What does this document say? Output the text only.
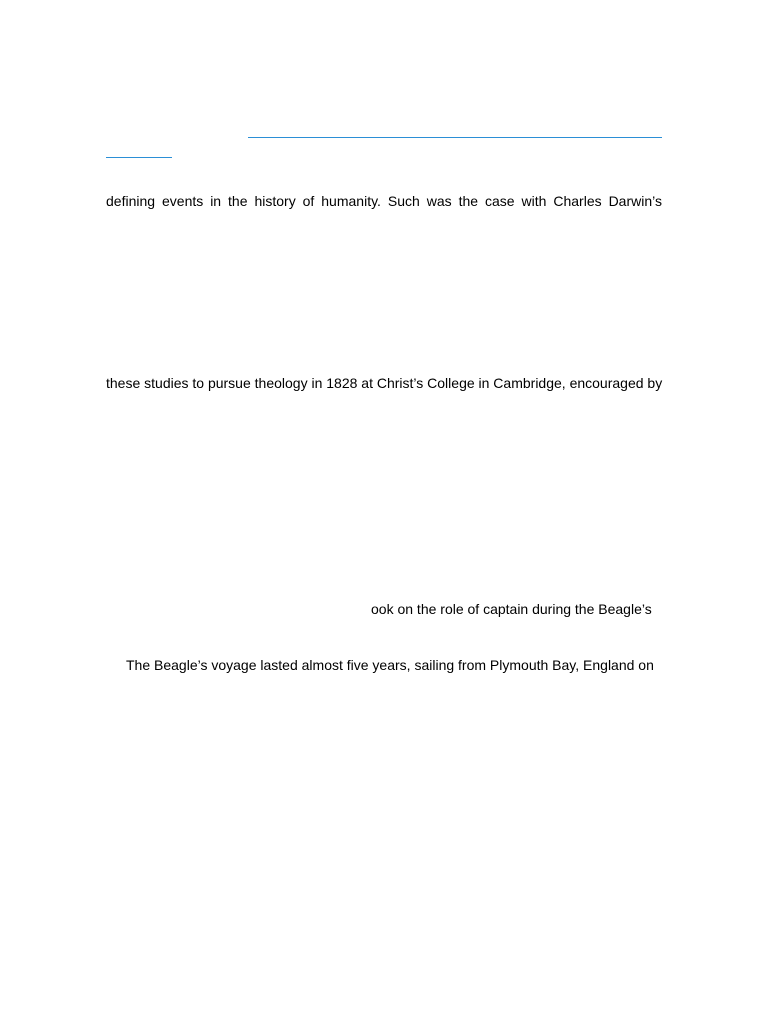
defining events in the history of humanity. Such was the case with Charles Darwin’s
these studies to pursue theology in 1828 at Christ’s College in Cambridge, encouraged by
ook on the role of captain during the Beagle’s
The Beagle’s voyage lasted almost five years, sailing from Plymouth Bay, England on
